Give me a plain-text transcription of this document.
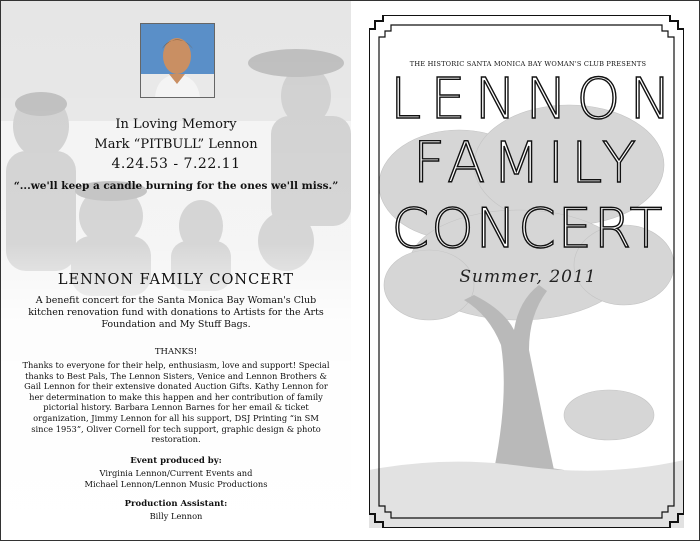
In Loving Memory
Mark “PITBULL” Lennon
4.24.53 - 7.22.11
“...we'll keep a candle burning for the ones we'll miss.”
LENNON FAMILY CONCERT
A benefit concert for the Santa Monica Bay Woman's Club kitchen renovation fund with donations to Artists for the Arts Foundation and My Stuff Bags.
THANKS!
Thanks to everyone for their help, enthusiasm, love and support! Special thanks to Best Pals, The Lennon Sisters, Venice and Lennon Brothers & Gail Lennon for their extensive donated Auction Gifts. Kathy Lennon for her determination to make this happen and her contribution of family pictorial history. Barbara Lennon Barnes for her email & ticket organization, Jimmy Lennon for all his support, DSJ Printing “in SM since 1953”, Oliver Cornell for tech support, graphic design & photo restoration.
Event produced by:
Virginia Lennon/Current Events and
Michael Lennon/Lennon Music Productions
Production Assistant:
Billy Lennon
THE HISTORIC SANTA MONICA BAY WOMAN'S CLUB PRESENTS
LENNON
FAMILY
CONCERT
Summer, 2011
